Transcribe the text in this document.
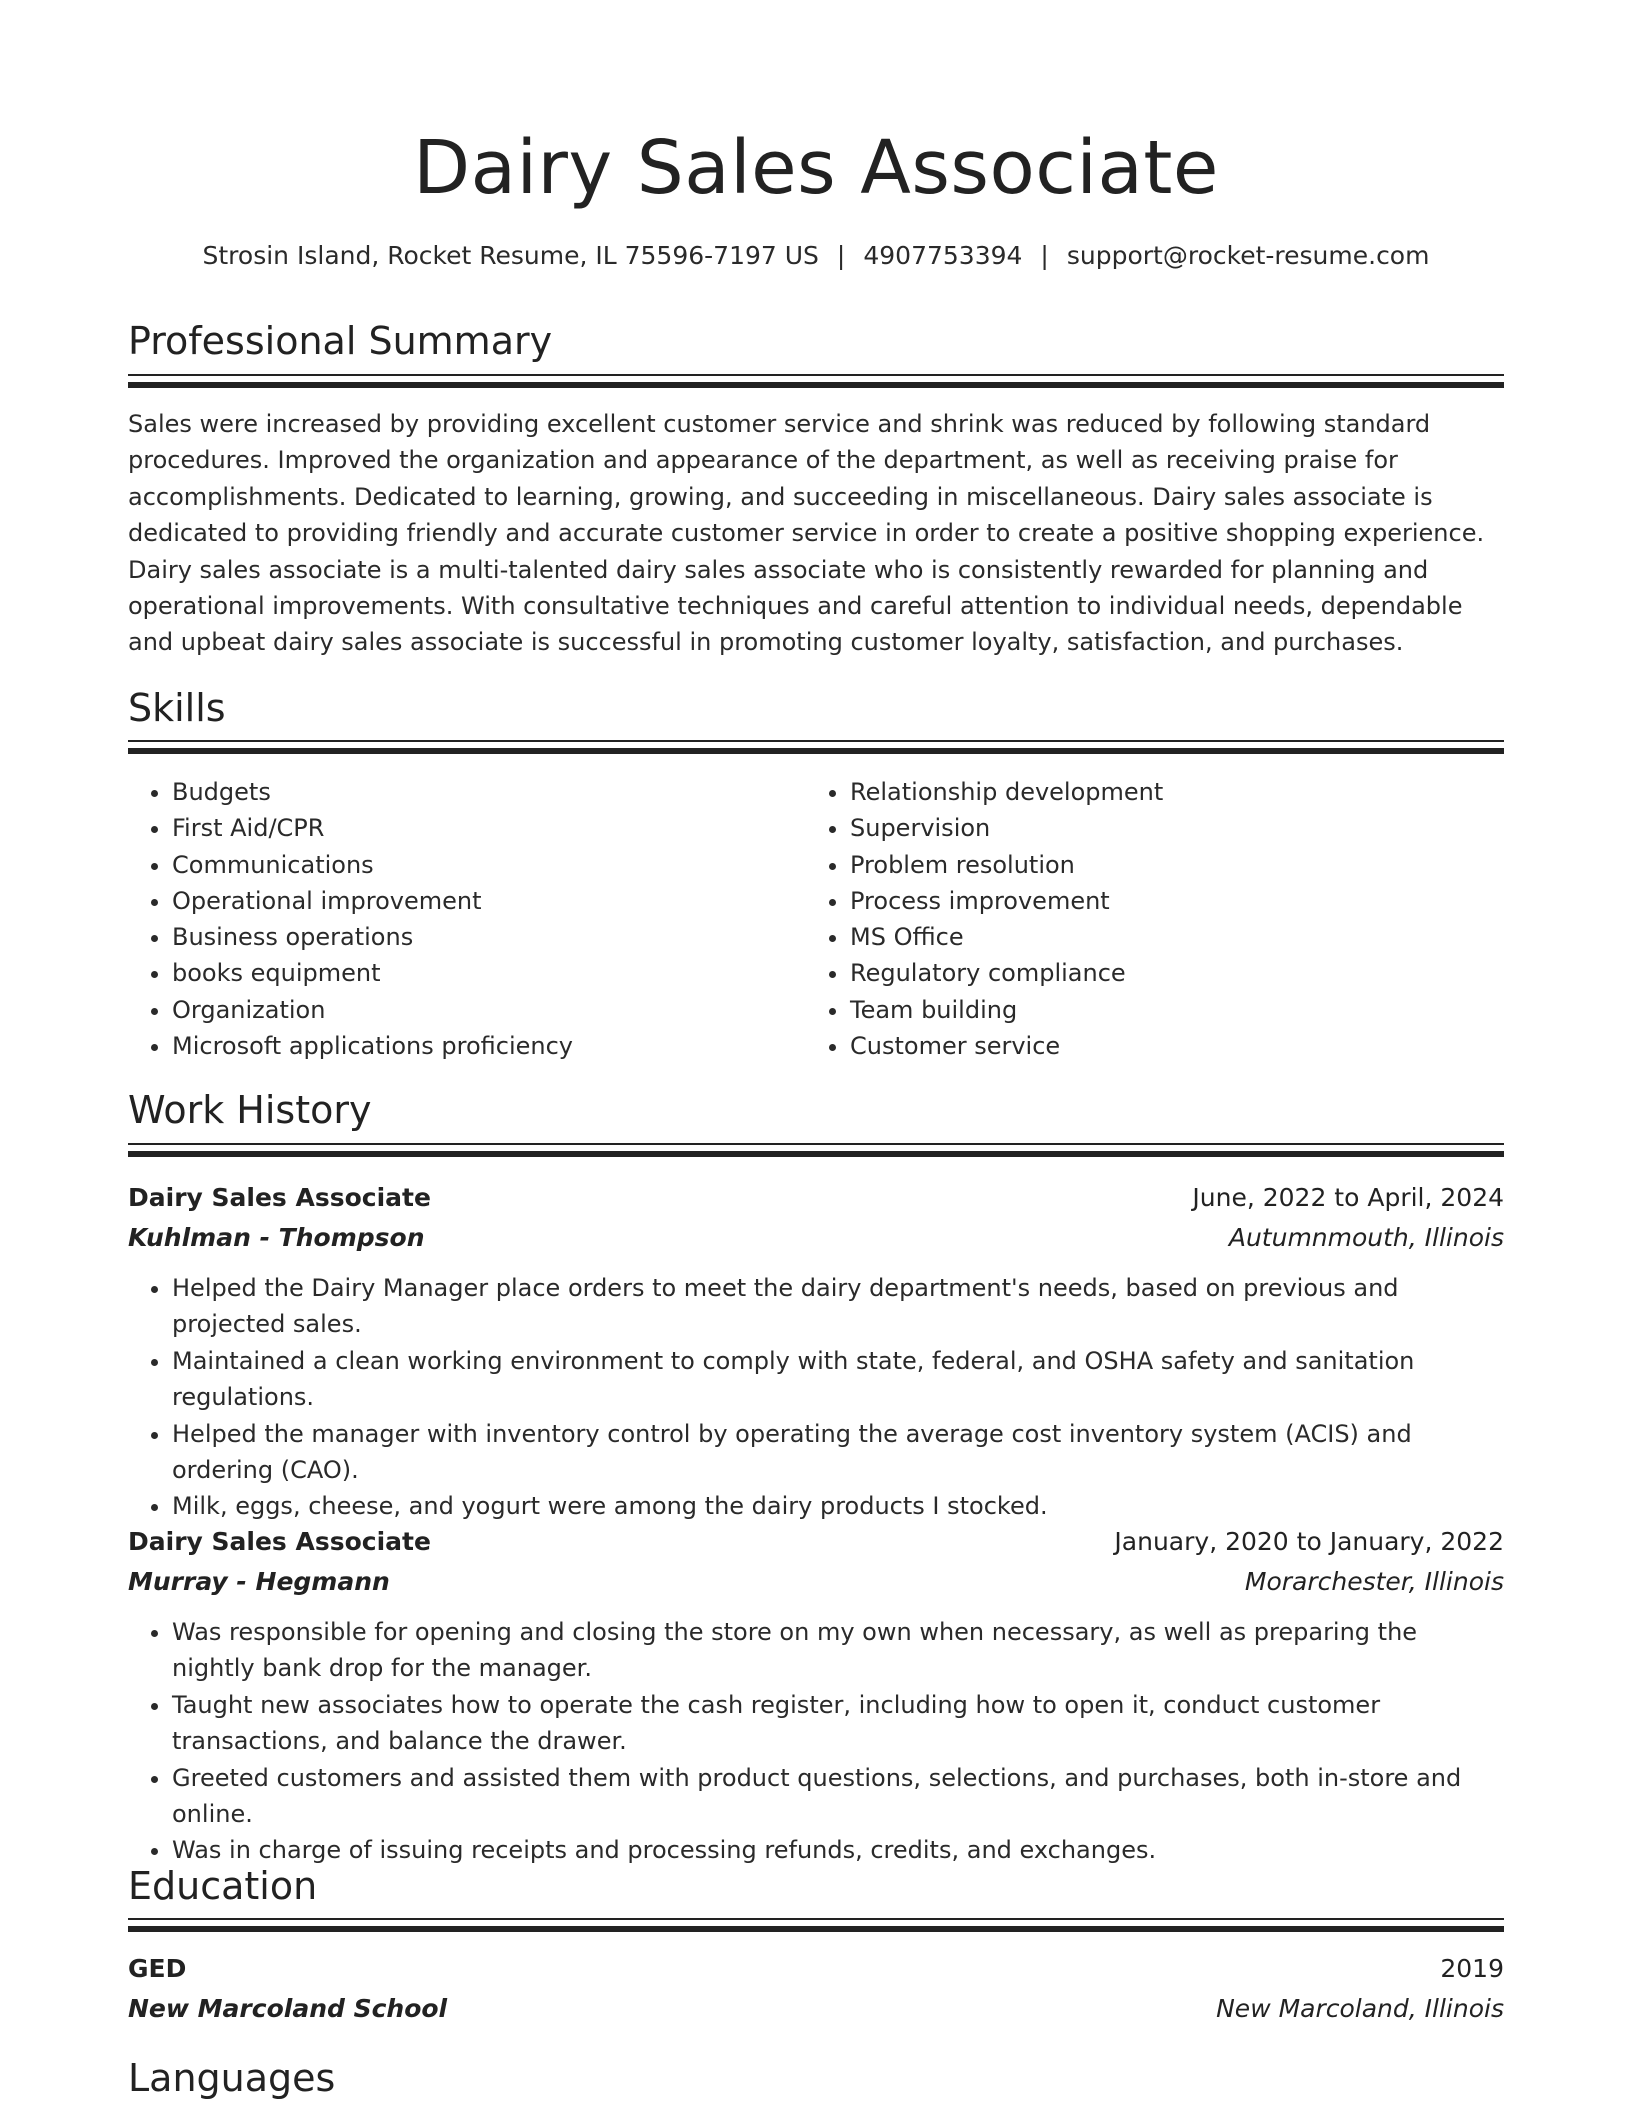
Dairy Sales Associate
Strosin Island, Rocket Resume, IL 75596-7197 US | 4907753394 | support@rocket-resume.com
Professional Summary

Sales were increased by providing excellent customer service and shrink was reduced by following standard procedures. Improved the organization and appearance of the department, as well as receiving praise for accomplishments. Dedicated to learning, growing, and succeeding in miscellaneous. Dairy sales associate is dedicated to providing friendly and accurate customer service in order to create a positive shopping experience. Dairy sales associate is a multi-talented dairy sales associate who is consistently rewarded for planning and operational improvements. With consultative techniques and careful attention to individual needs, dependable and upbeat dairy sales associate is successful in promoting customer loyalty, satisfaction, and purchases.

Skills
• Budgets
• First Aid/CPR
• Communications
• Operational improvement
• Business operations
• books equipment
• Organization
• Microsoft applications proficiency
• Relationship development
• Supervision
• Problem resolution
• Process improvement
• MS Office
• Regulatory compliance
• Team building
• Customer service
Work History
Dairy Sales Associate	June, 2022 to April, 2024
Kuhlman - Thompson	Autumnmouth, Illinois
• Helped the Dairy Manager place orders to meet the dairy department's needs, based on previous and projected sales.
• Maintained a clean working environment to comply with state, federal, and OSHA safety and sanitation regulations.
• Helped the manager with inventory control by operating the average cost inventory system (ACIS) and ordering (CAO).
• Milk, eggs, cheese, and yogurt were among the dairy products I stocked.
Dairy Sales Associate	January, 2020 to January, 2022
Murray - Hegmann	Morarchester, Illinois
• Was responsible for opening and closing the store on my own when necessary, as well as preparing the nightly bank drop for the manager.
• Taught new associates how to operate the cash register, including how to open it, conduct customer transactions, and balance the drawer.
• Greeted customers and assisted them with product questions, selections, and purchases, both in-store and online.
• Was in charge of issuing receipts and processing refunds, credits, and exchanges.
Education
GED	2019
New Marcoland School	New Marcoland, Illinois
Languages
